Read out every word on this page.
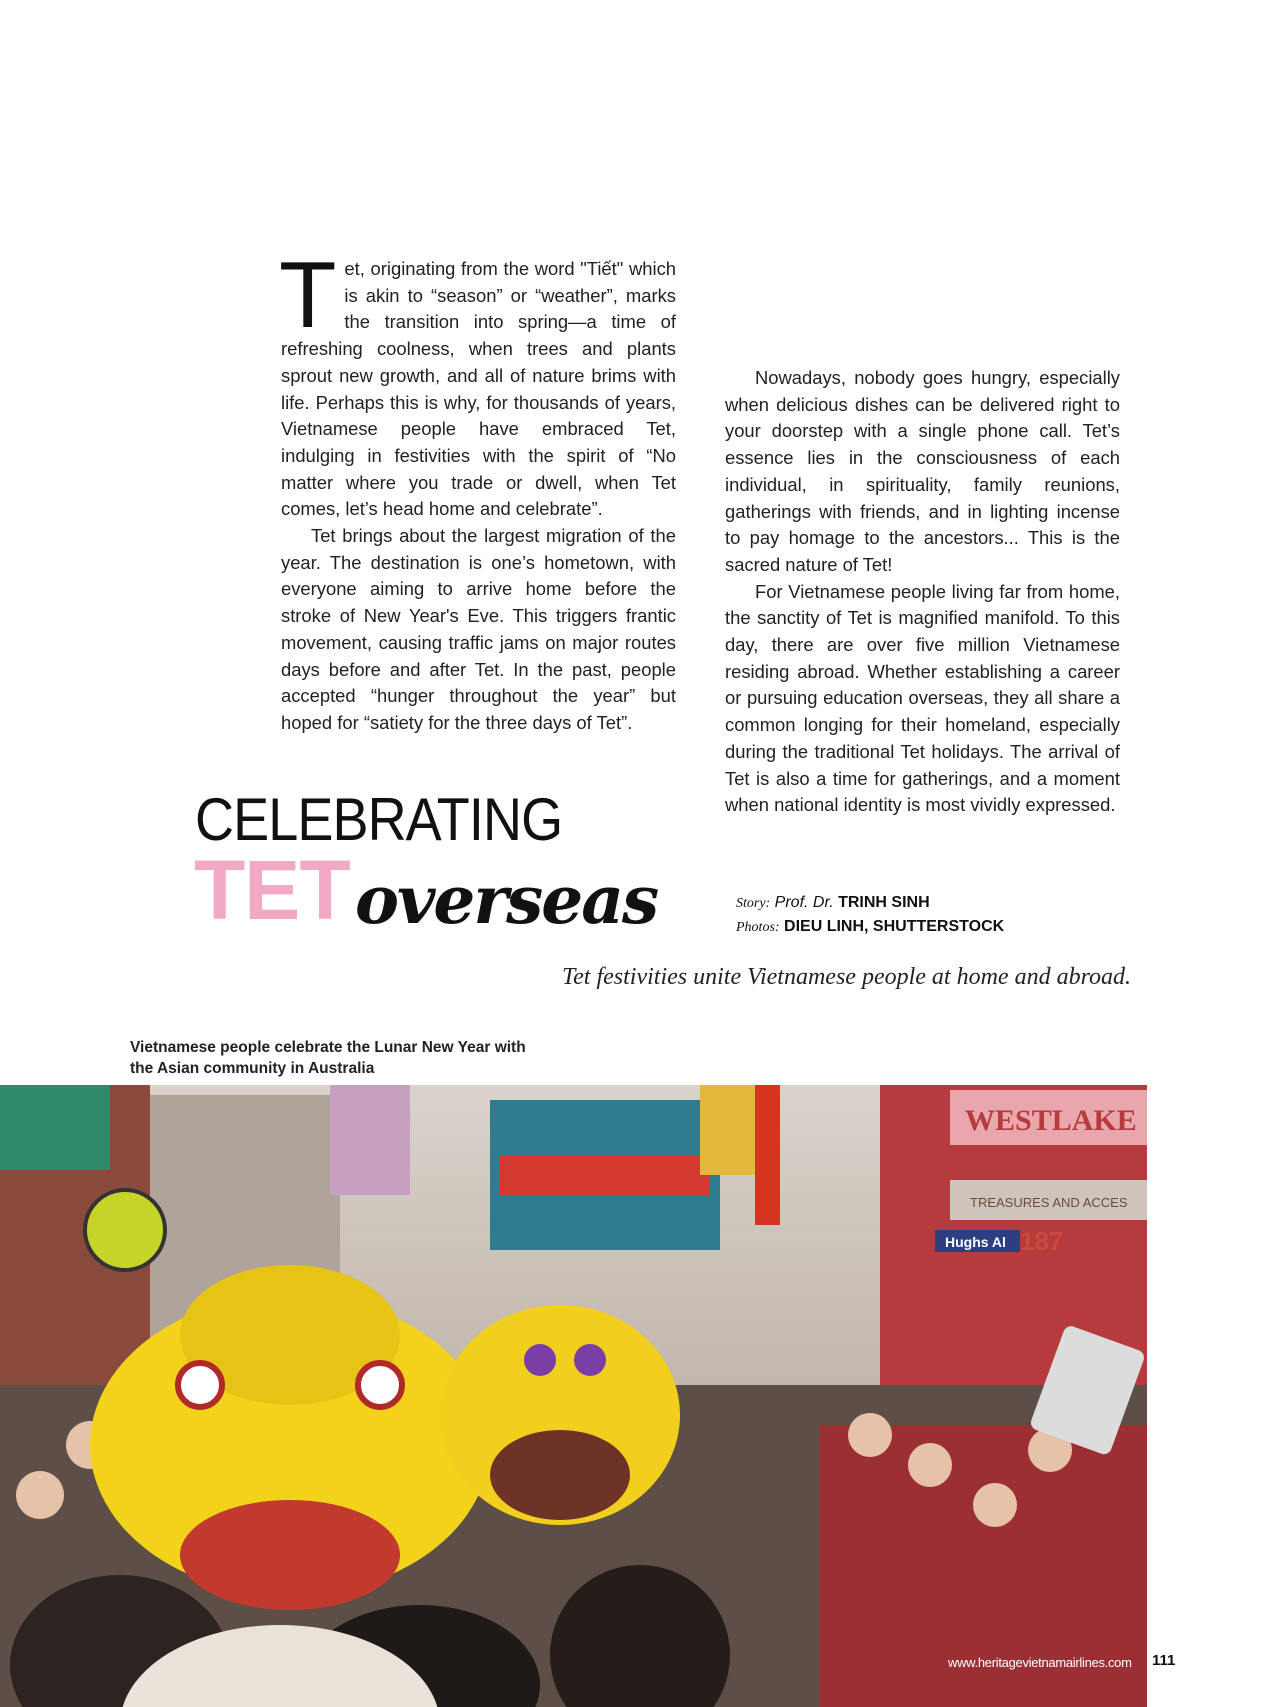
Tet, originating from the word "Tiết" which is akin to “season” or “weather”, marks the transition into spring—a time of refreshing coolness, when trees and plants sprout new growth, and all of nature brims with life. Perhaps this is why, for thousands of years, Vietnamese people have embraced Tet, indulging in festivities with the spirit of “No matter where you trade or dwell, when Tet comes, let’s head home and celebrate”.

Tet brings about the largest migration of the year. The destination is one’s hometown, with everyone aiming to arrive home before the stroke of New Year's Eve. This triggers frantic movement, causing traffic jams on major routes days before and after Tet. In the past, people accepted “hunger throughout the year” but hoped for “satiety for the three days of Tet”.

Nowadays, nobody goes hungry, especially when delicious dishes can be delivered right to your doorstep with a single phone call. Tet’s essence lies in the consciousness of each individual, in spirituality, family reunions, gatherings with friends, and in lighting incense to pay homage to the ancestors... This is the sacred nature of Tet!

For Vietnamese people living far from home, the sanctity of Tet is magnified manifold. To this day, there are over five million Vietnamese residing abroad. Whether establishing a career or pursuing education overseas, they all share a common longing for their homeland, especially during the traditional Tet holidays. The arrival of Tet is also a time for gatherings, and a moment when national identity is most vividly expressed.

CELEBRATING
TET overseas	Story: Prof. Dr. TRINH SINH
Photos: DIEU LINH, SHUTTERSTOCK
Tet festivities unite Vietnamese people at home and abroad.
Vietnamese people celebrate the Lunar New Year with the Asian community in Australia
WESTLAKE
TREASURES AND ACCES
187
Hughs Al
www.heritagevietnamairlines.com 111
